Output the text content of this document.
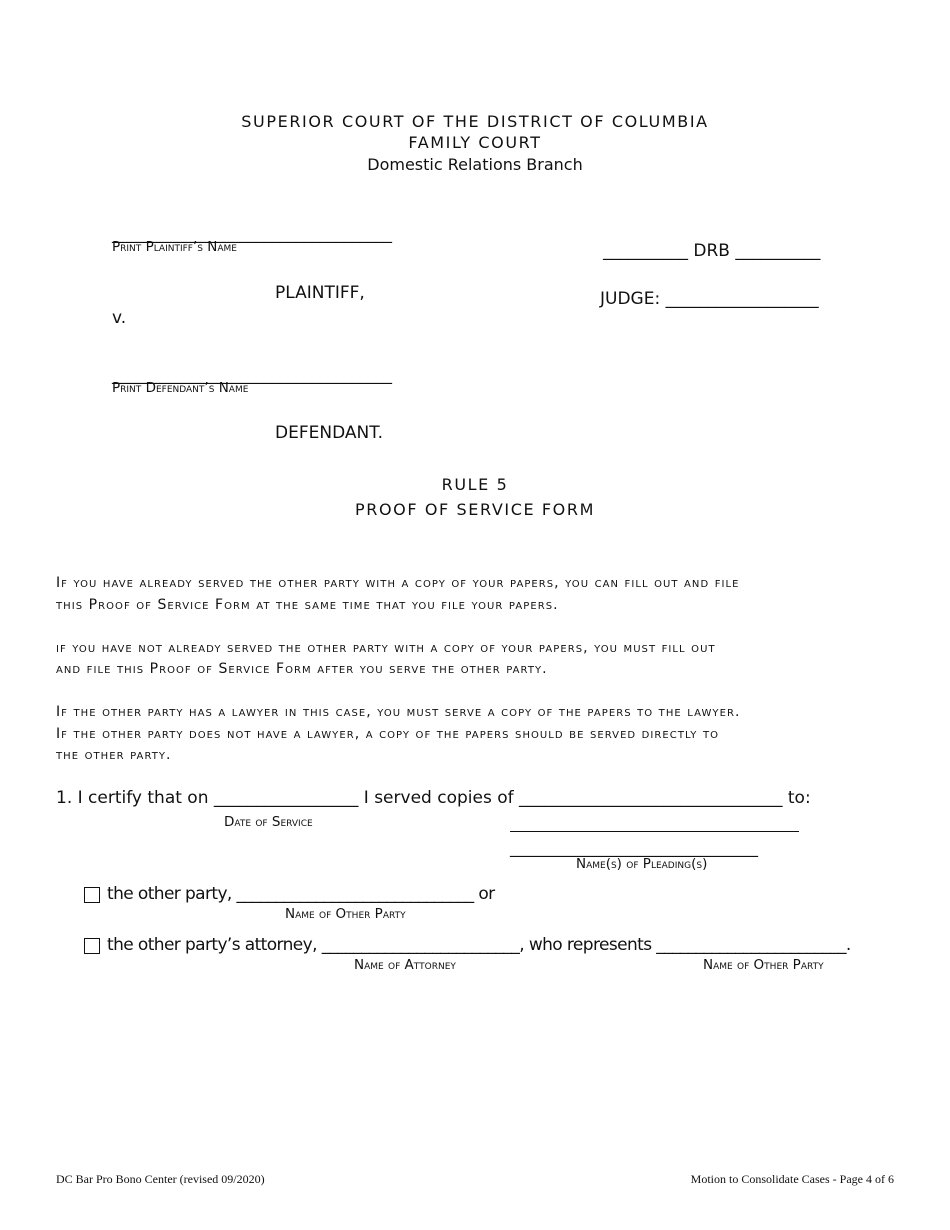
SUPERIOR COURT OF THE DISTRICT OF COLUMBIA
FAMILY COURT
Domestic Relations Branch
___________________________________
Print Plaintiff’s Name
PLAINTIFF,
v.
___________________________________
Print Defendant’s Name
DEFENDANT.
__________ DRB __________
JUDGE: __________________
RULE 5
PROOF OF SERVICE FORM
If you have already served the other party with a copy of your papers, you can fill out and file
this Proof of Service Form at the same time that you file your papers.
if you have not already served the other party with a copy of your papers, you must fill out
and file this Proof of Service Form after you serve the other party.
If the other party has a lawyer in this case, you must serve a copy of the papers to the lawyer.
If the other party does not have a lawyer, a copy of the papers should be served directly to
the other party.
1. I certify that on _________________ I served copies of _______________________________ to:
Date of Service
_______________________________
Name(s) of Pleading(s)
the other party, ______________________________ or
Name of Other Party
the other party’s attorney, _________________________, who represents ________________________.
Name of Attorney	Name of Other Party
DC Bar Pro Bono Center (revised 09/2020)	Motion to Consolidate Cases - Page 4 of 6
